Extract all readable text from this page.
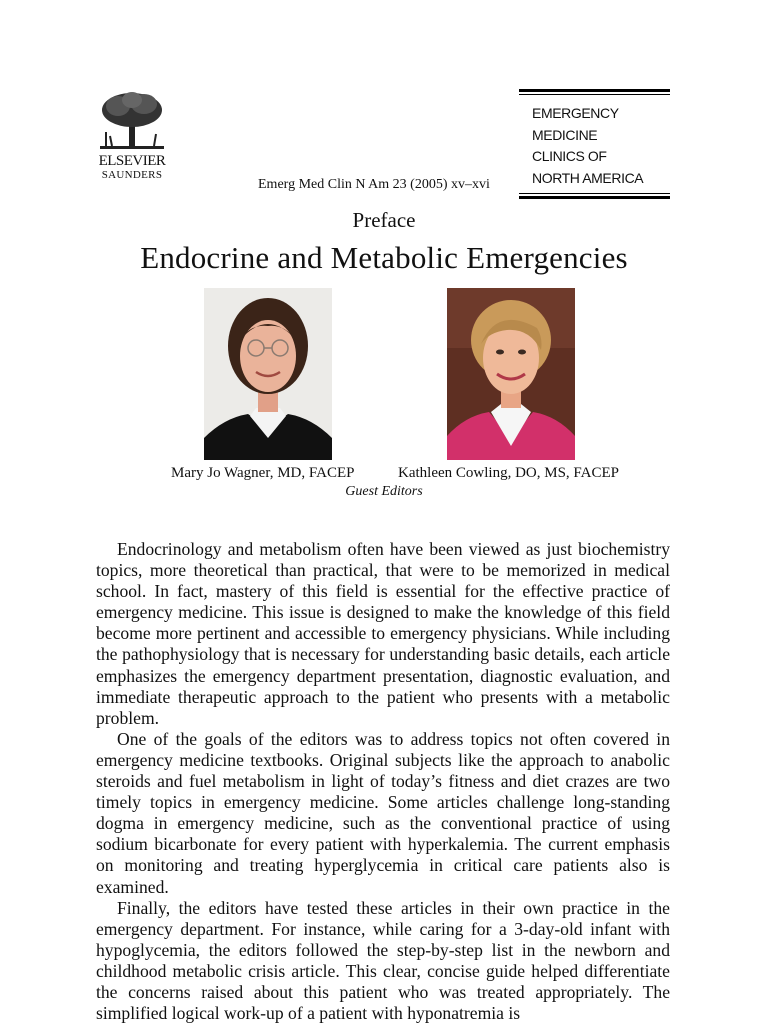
ELSEVIER
SAUNDERS
Emerg Med Clin N Am 23 (2005) xv–xvi
EMERGENCY
MEDICINE
CLINICS OF
NORTH AMERICA
Preface
Endocrine and Metabolic Emergencies
Mary Jo Wagner, MD, FACEP	Kathleen Cowling, DO, MS, FACEP
Guest Editors

Endocrinology and metabolism often have been viewed as just biochemistry topics, more theoretical than practical, that were to be memorized in medical school. In fact, mastery of this field is essential for the effective practice of emergency medicine. This issue is designed to make the knowledge of this field become more pertinent and accessible to emergency physicians. While including the pathophysiology that is necessary for understanding basic details, each article emphasizes the emergency department presentation, diagnostic evaluation, and immediate therapeutic approach to the patient who presents with a metabolic problem.

One of the goals of the editors was to address topics not often covered in emergency medicine textbooks. Original subjects like the approach to anabolic steroids and fuel metabolism in light of today’s fitness and diet crazes are two timely topics in emergency medicine. Some articles challenge long-standing dogma in emergency medicine, such as the conventional practice of using sodium bicarbonate for every patient with hyperkalemia. The current emphasis on monitoring and treating hyperglycemia in critical care patients also is examined.

Finally, the editors have tested these articles in their own practice in the emergency department. For instance, while caring for a 3-day-old infant with hypoglycemia, the editors followed the step-by-step list in the newborn and childhood metabolic crisis article. This clear, concise guide helped differentiate the concerns raised about this patient who was treated appropriately. The simplified logical work-up of a patient with hyponatremia is
